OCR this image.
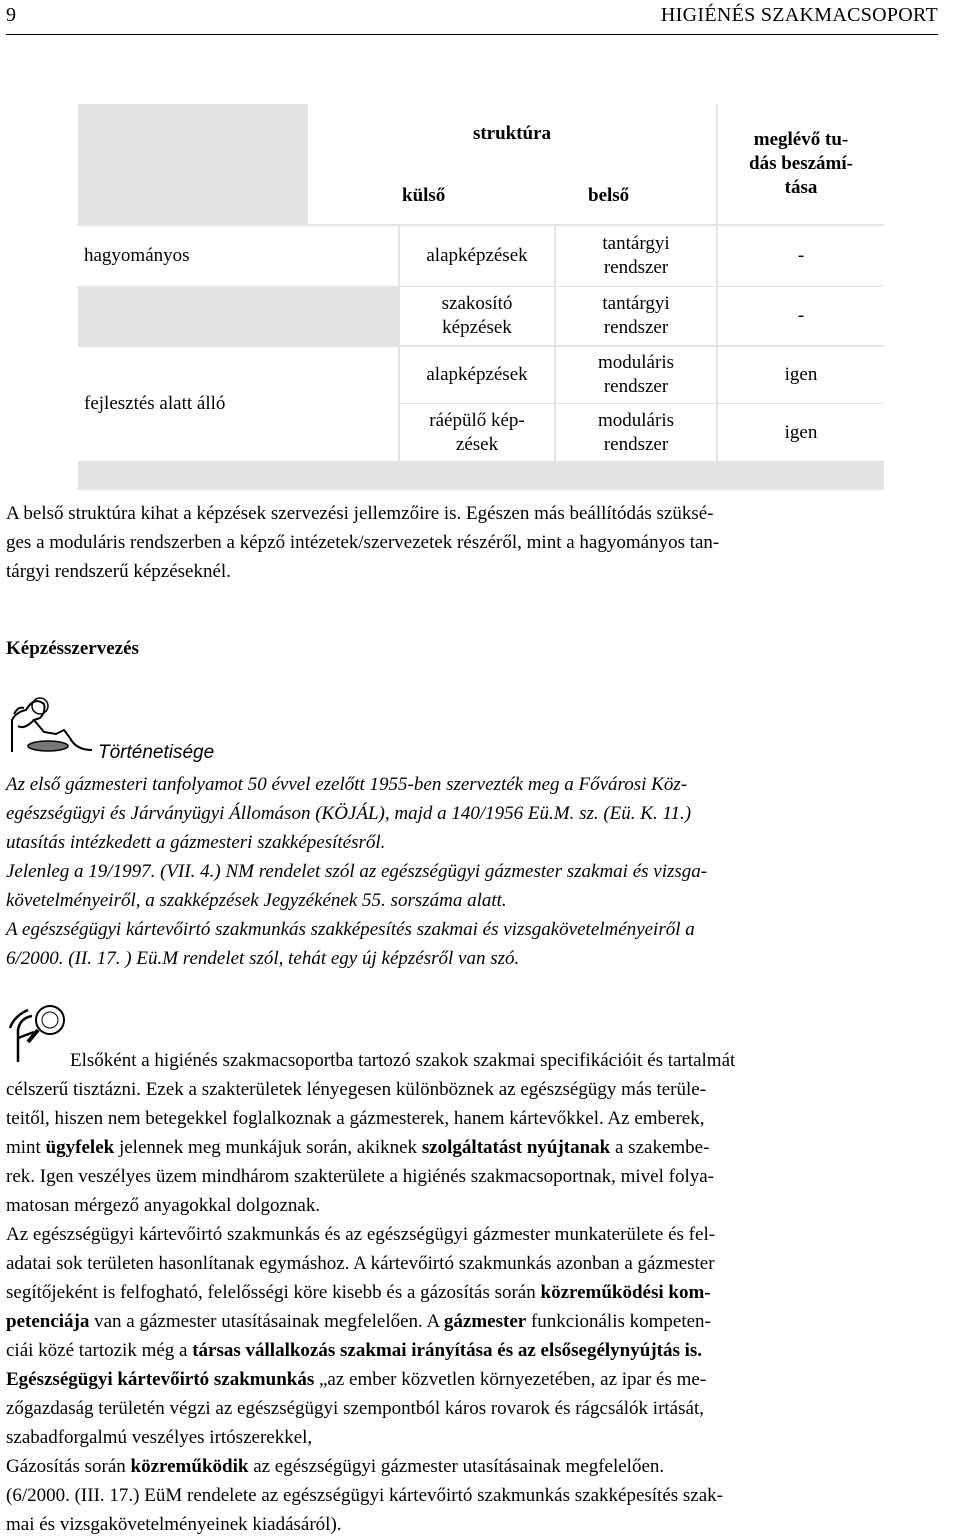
9	HIGIÉNÉS SZAKMACSOPORT
struktúra
külső	belső
meglévő tu-
dás beszámí-
tása
hagyományos
fejlesztés alatt álló
alapképzések
tantárgyi
rendszer
-
szakosító
képzések
tantárgyi
rendszer
-
alapképzések
moduláris
rendszer
igen
ráépülő kép-
zések
moduláris
rendszer
igen

A belső struktúra kihat a képzések szervezési jellemzőire is. Egészen más beállítódás szüksé-

ges a moduláris rendszerben a képző intézetek/szervezetek részéről, mint a hagyományos tan-

tárgyi rendszerű képzéseknél.

Képzésszervezés
Történetisége

Az első gázmesteri tanfolyamot 50 évvel ezelőtt 1955-ben szervezték meg a Fővárosi Köz-

egészségügyi és Járványügyi Állomáson (KÖJÁL), majd a 140/1956 Eü.M. sz. (Eü. K. 11.)

utasítás intézkedett a gázmesteri szakképesítésről.

Jelenleg a 19/1997. (VII. 4.) NM rendelet szól az egészségügyi gázmester szakmai és vizsga-

követelményeiről, a szakképzések Jegyzékének 55. sorszáma alatt.

A egészségügyi kártevőirtó szakmunkás szakképesítés szakmai és vizsgakövetelményeiről a

6/2000. (II. 17. ) Eü.M rendelet szól, tehát egy új képzésről van szó.

Elsőként a higiénés szakmacsoportba tartozó szakok szakmai specifikációit és tartalmát

célszerű tisztázni. Ezek a szakterületek lényegesen különböznek az egészségügy más terüle-

teitől, hiszen nem betegekkel foglalkoznak a gázmesterek, hanem kártevőkkel. Az emberek,

mint ügyfelek jelennek meg munkájuk során, akiknek szolgáltatást nyújtanak a szakembe-

rek. Igen veszélyes üzem mindhárom szakterülete a higiénés szakmacsoportnak, mivel folya-

matosan mérgező anyagokkal dolgoznak.

Az egészségügyi kártevőirtó szakmunkás és az egészségügyi gázmester munkaterülete és fel-

adatai sok területen hasonlítanak egymáshoz. A kártevőirtó szakmunkás azonban a gázmester

segítőjeként is felfogható, felelősségi köre kisebb és a gázosítás során közreműködési kom-

petenciája van a gázmester utasításainak megfelelően. A gázmester funkcionális kompeten-

ciái közé tartozik még a társas vállalkozás szakmai irányítása és az elsősegélynyújtás is.

Egészségügyi kártevőirtó szakmunkás „az ember közvetlen környezetében, az ipar és me-

zőgazdaság területén végzi az egészségügyi szempontból káros rovarok és rágcsálók irtását,

szabadforgalmú veszélyes irtószerekkel,

Gázosítás során közreműködik az egészségügyi gázmester utasításainak megfelelően.

(6/2000. (III. 17.) EüM rendelete az egészségügyi kártevőirtó szakmunkás szakképesítés szak-

mai és vizsgakövetelményeinek kiadásáról).
